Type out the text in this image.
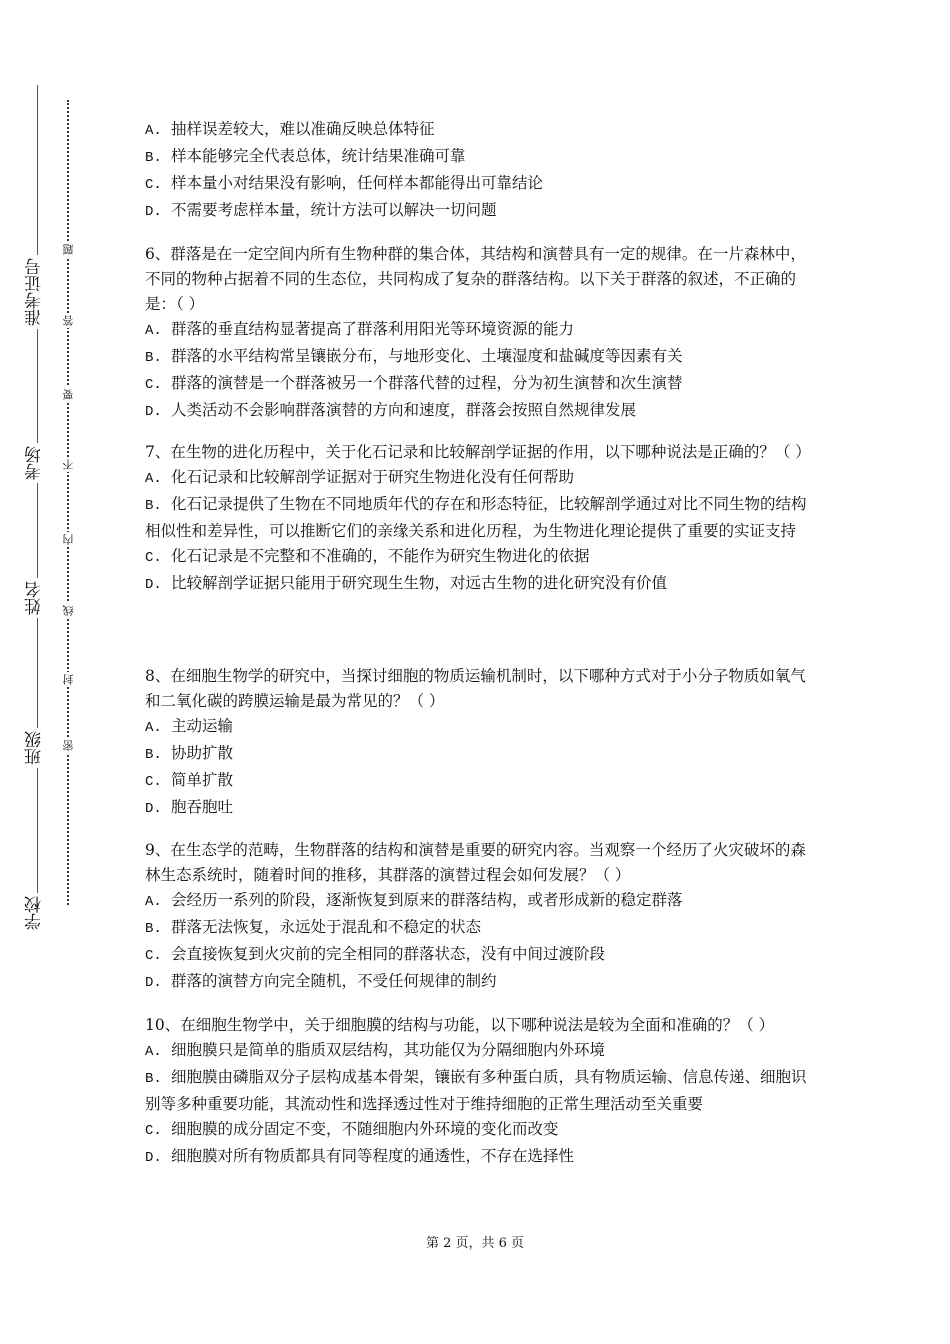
学校
班级
姓名
考场
准考证号
密
封
线
内
不
要
答
题

A. 抽样误差较大，难以准确反映总体特征

B. 样本能够完全代表总体，统计结果准确可靠

C. 样本量小对结果没有影响，任何样本都能得出可靠结论

D. 不需要考虑样本量，统计方法可以解决一切问题

6、群落是在一定空间内所有生物种群的集合体，其结构和演替具有一定的规律。在一片森林中，不同的物种占据着不同的生态位，共同构成了复杂的群落结构。以下关于群落的叙述，不正确的是：（ ）

A. 群落的垂直结构显著提高了群落利用阳光等环境资源的能力

B. 群落的水平结构常呈镶嵌分布，与地形变化、土壤湿度和盐碱度等因素有关

C. 群落的演替是一个群落被另一个群落代替的过程，分为初生演替和次生演替

D. 人类活动不会影响群落演替的方向和速度，群落会按照自然规律发展

7、在生物的进化历程中，关于化石记录和比较解剖学证据的作用，以下哪种说法是正确的？（ ）

A. 化石记录和比较解剖学证据对于研究生物进化没有任何帮助

B. 化石记录提供了生物在不同地质年代的存在和形态特征，比较解剖学通过对比不同生物的结构相似性和差异性，可以推断它们的亲缘关系和进化历程，为生物进化理论提供了重要的实证支持

C. 化石记录是不完整和不准确的，不能作为研究生物进化的依据

D. 比较解剖学证据只能用于研究现生生物，对远古生物的进化研究没有价值

8、在细胞生物学的研究中，当探讨细胞的物质运输机制时，以下哪种方式对于小分子物质如氧气和二氧化碳的跨膜运输是最为常见的？（ ）

A. 主动运输

B. 协助扩散

C. 简单扩散

D. 胞吞胞吐

9、在生态学的范畴，生物群落的结构和演替是重要的研究内容。当观察一个经历了火灾破坏的森林生态系统时，随着时间的推移，其群落的演替过程会如何发展？（ ）

A. 会经历一系列的阶段，逐渐恢复到原来的群落结构，或者形成新的稳定群落

B. 群落无法恢复，永远处于混乱和不稳定的状态

C. 会直接恢复到火灾前的完全相同的群落状态，没有中间过渡阶段

D. 群落的演替方向完全随机，不受任何规律的制约

10、在细胞生物学中，关于细胞膜的结构与功能，以下哪种说法是较为全面和准确的？（ ）

A. 细胞膜只是简单的脂质双层结构，其功能仅为分隔细胞内外环境

B. 细胞膜由磷脂双分子层构成基本骨架，镶嵌有多种蛋白质，具有物质运输、信息传递、细胞识别等多种重要功能，其流动性和选择透过性对于维持细胞的正常生理活动至关重要

C. 细胞膜的成分固定不变，不随细胞内外环境的变化而改变

D. 细胞膜对所有物质都具有同等程度的通透性，不存在选择性

第 2 页，共 6 页
